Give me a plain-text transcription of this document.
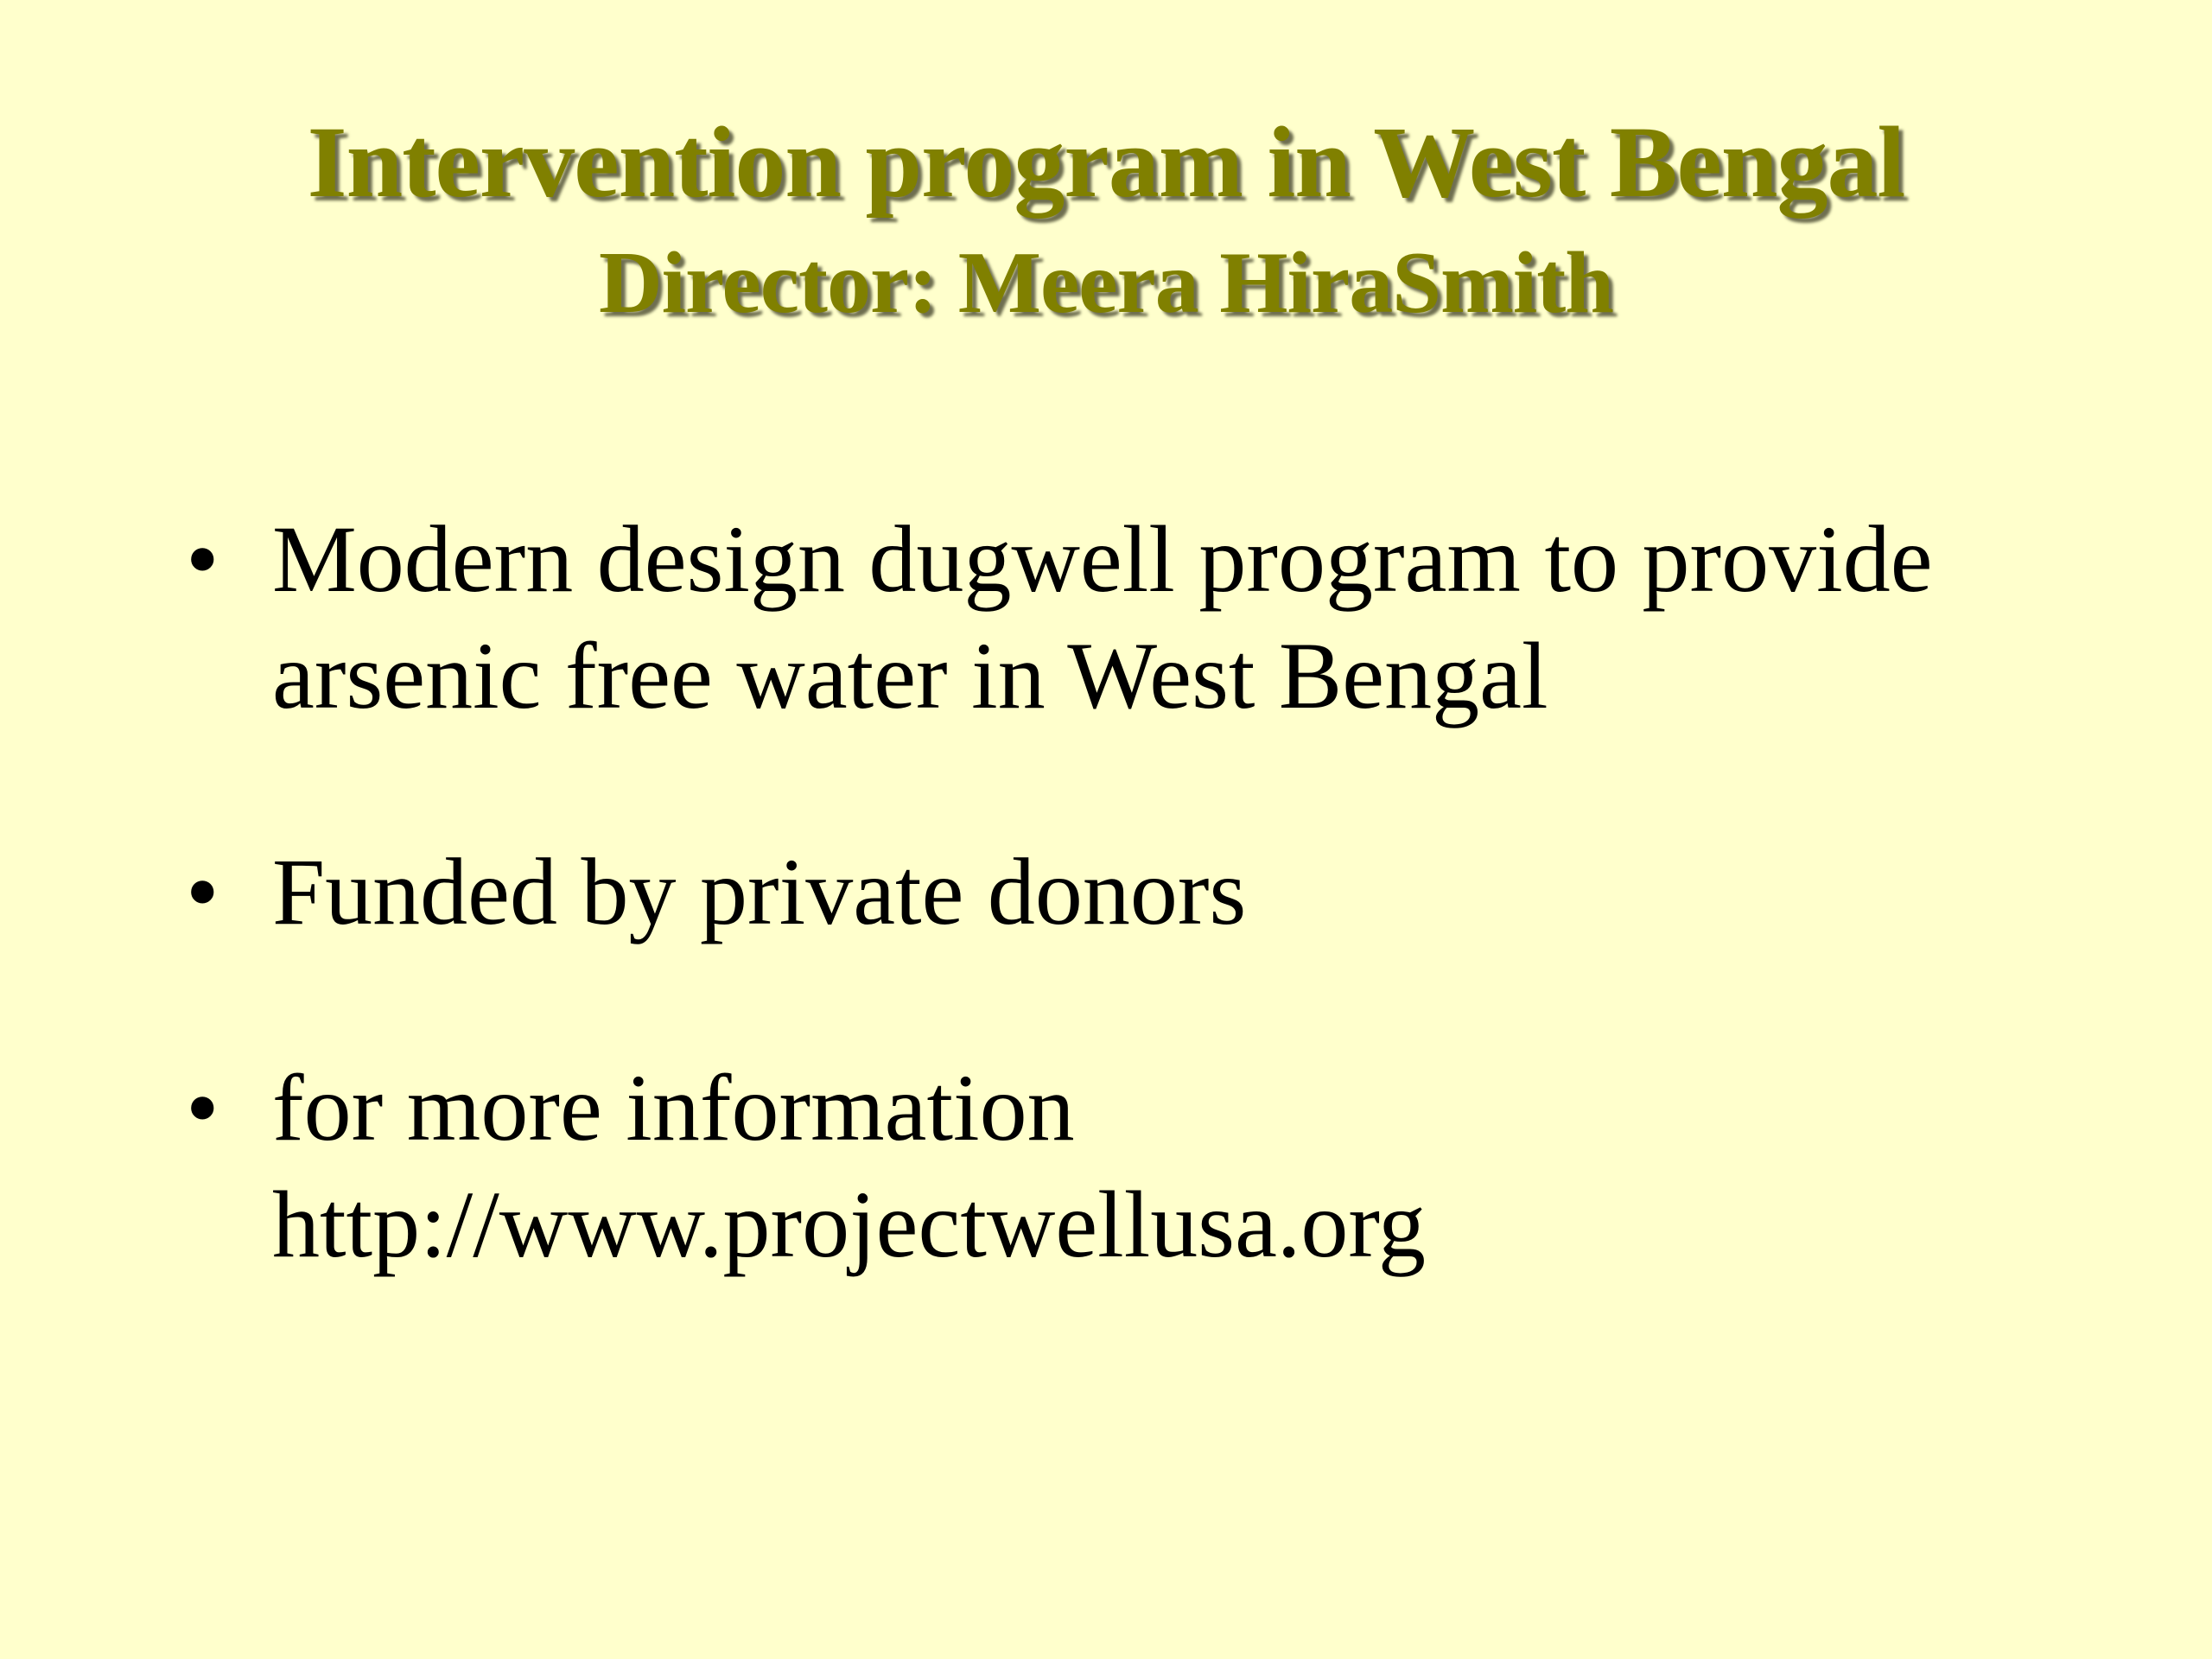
Intervention program in West Bengal
Director: Meera HiraSmith
• Modern design dugwell program to provide
arsenic free water in West Bengal
• Funded by private donors
• for more information
http://www.projectwellusa.org
